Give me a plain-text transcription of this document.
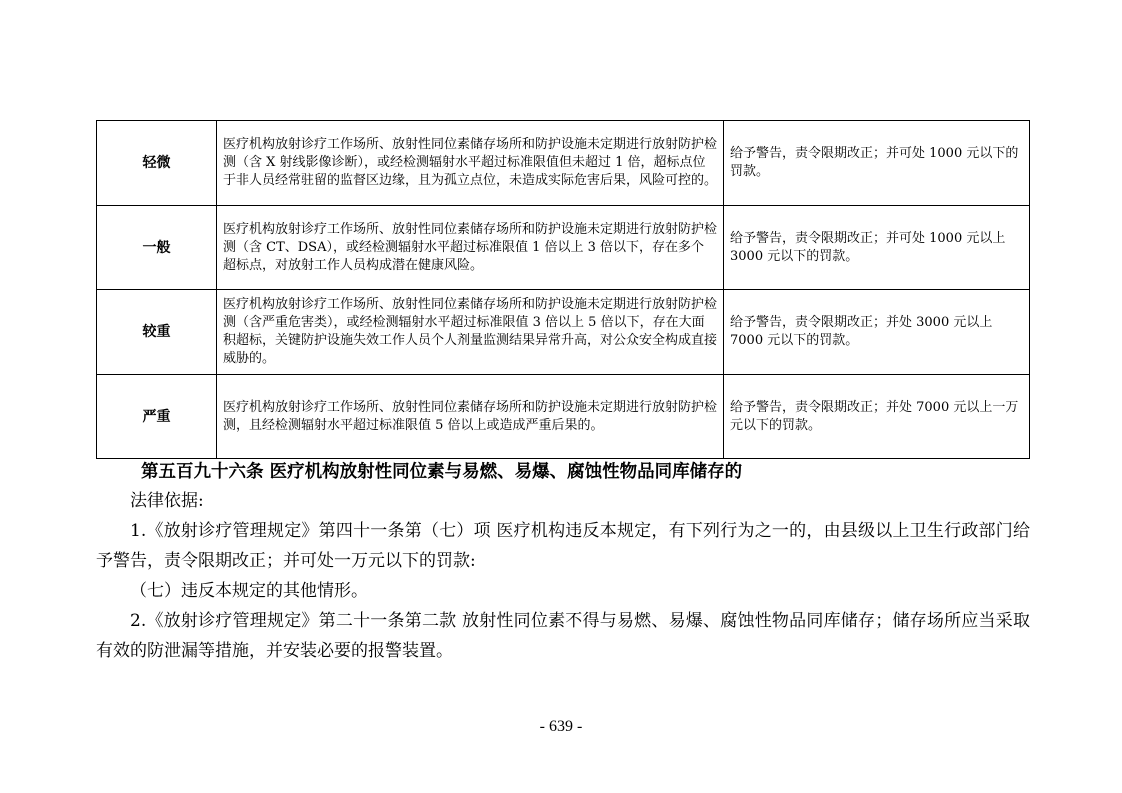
轻微	医疗机构放射诊疗工作场所、放射性同位素储存场所和防护设施未定期进行放射防护检测（含 X 射线影像诊断），或经检测辐射水平超过标准限值但未超过 1 倍，超标点位于非人员经常驻留的监督区边缘，且为孤立点位，未造成实际危害后果，风险可控的。	给予警告，责令限期改正；并可处 1000 元以下的罚款。
一般	医疗机构放射诊疗工作场所、放射性同位素储存场所和防护设施未定期进行放射防护检测（含 CT、DSA），或经检测辐射水平超过标准限值 1 倍以上 3 倍以下，存在多个超标点，对放射工作人员构成潜在健康风险。	给予警告，责令限期改正；并可处 1000 元以上 3000 元以下的罚款。
较重	医疗机构放射诊疗工作场所、放射性同位素储存场所和防护设施未定期进行放射防护检测（含严重危害类），或经检测辐射水平超过标准限值 3 倍以上 5 倍以下，存在大面积超标，关键防护设施失效工作人员个人剂量监测结果异常升高，对公众安全构成直接威胁的。	给予警告，责令限期改正；并处 3000 元以上 7000 元以下的罚款。
严重	医疗机构放射诊疗工作场所、放射性同位素储存场所和防护设施未定期进行放射防护检测，且经检测辐射水平超过标准限值 5 倍以上或造成严重后果的。	给予警告，责令限期改正；并处 7000 元以上一万元以下的罚款。
第五百九十六条 医疗机构放射性同位素与易燃、易爆、腐蚀性物品同库储存的

法律依据:

1.《放射诊疗管理规定》第四十一条第（七）项 医疗机构违反本规定，有下列行为之一的，由县级以上卫生行政部门给予警告，责令限期改正；并可处一万元以下的罚款:

（七）违反本规定的其他情形。

2.《放射诊疗管理规定》第二十一条第二款 放射性同位素不得与易燃、易爆、腐蚀性物品同库储存；储存场所应当采取有效的防泄漏等措施，并安装必要的报警装置。

- 639 -
